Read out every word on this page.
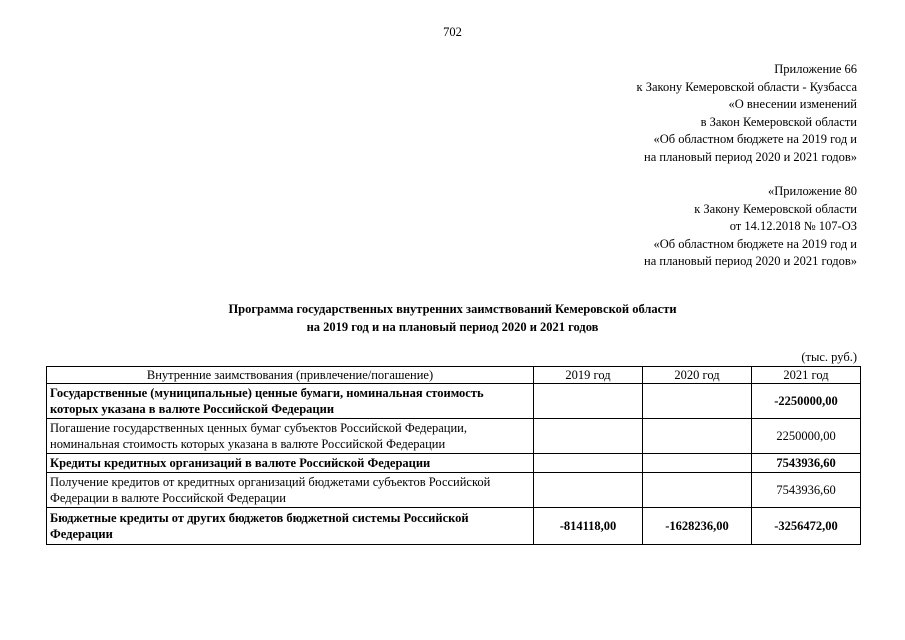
702
Приложение 66
к Закону Кемеровской области - Кузбасса
«О внесении изменений
в Закон Кемеровской области
«Об областном бюджете на 2019 год и
на плановый период 2020 и 2021 годов»
«Приложение 80
к Закону Кемеровской области
от 14.12.2018 № 107-ОЗ
«Об областном бюджете на 2019 год и
на плановый период 2020 и 2021 годов»
Программа государственных внутренних заимствований Кемеровской области
на 2019 год и на плановый период 2020 и 2021 годов
(тыс. руб.)
Внутренние заимствования (привлечение/погашение)	2019 год	2020 год	2021 год
Государственные (муниципальные) ценные бумаги, номинальная стоимость которых указана в валюте Российской Федерации			-2250000,00
Погашение государственных ценных бумаг субъектов Российской Федерации, номинальная стоимость которых указана в валюте Российской Федерации			2250000,00
Кредиты кредитных организаций в валюте Российской Федерации			7543936,60
Получение кредитов от кредитных организаций бюджетами субъектов Российской Федерации в валюте Российской Федерации			7543936,60
Бюджетные кредиты от других бюджетов бюджетной системы Российской Федерации	-814118,00	-1628236,00	-3256472,00
